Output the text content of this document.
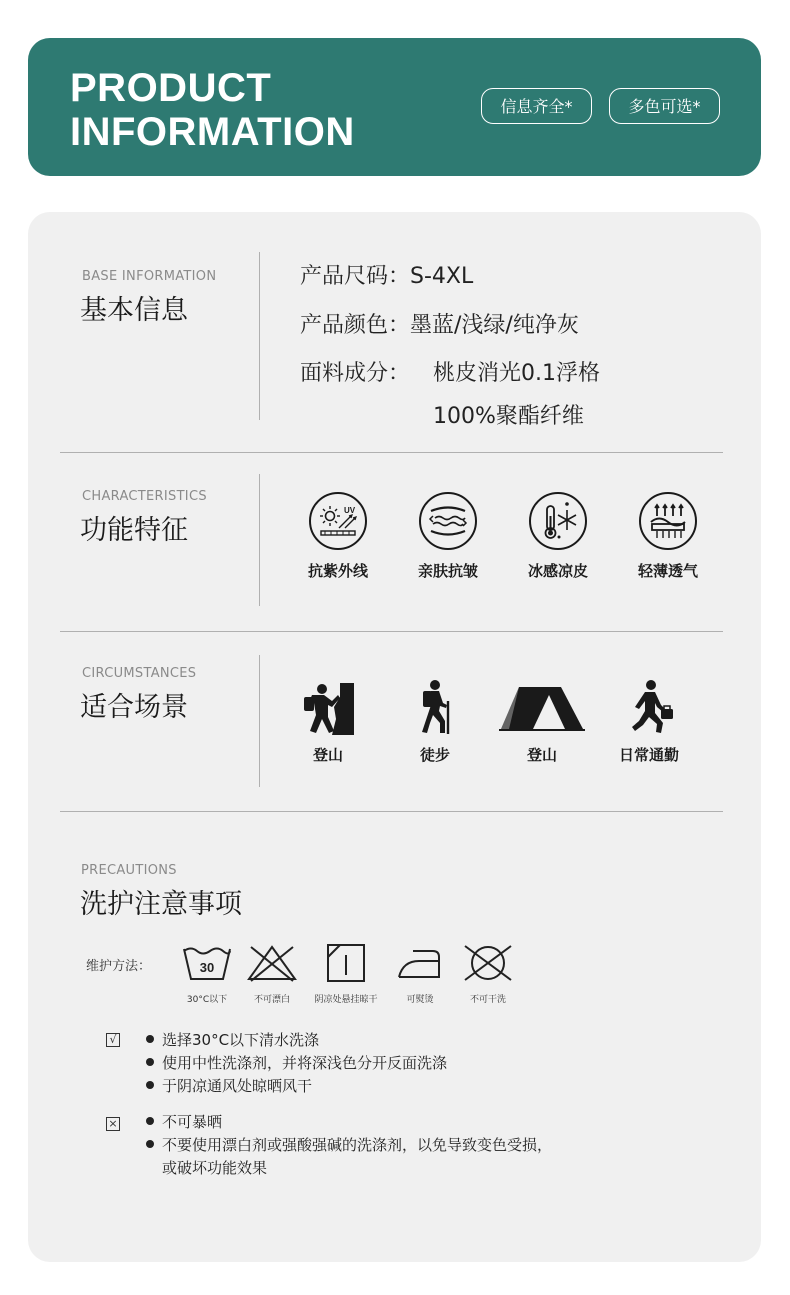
PRODUCT
INFORMATION
信息齐全*	多色可选*
BASE INFORMATION
基本信息
产品尺码：S-4XL
产品颜色：墨蓝/浅绿/纯净灰
面料成分： 桃皮消光0.1浮格
100%聚酯纤维
CHARACTERISTICS
功能特征
UV
抗紫外线	亲肤抗皱	冰感凉皮	轻薄透气
CIRCUMSTANCES
适合场景
登山	徒步	登山	日常通勤
PRECAUTIONS
洗护注意事项
维护方法：	30
30°C以下	不可漂白	阴凉处悬挂晾干	可熨烫	不可干洗
√	选择30°C以下清水洗涤
使用中性洗涤剂，并将深浅色分开反面洗涤
于阴凉通风处晾晒风干
×	不可暴晒
不要使用漂白剂或强酸强碱的洗涤剂，以免导致变色受损，
或破坏功能效果
